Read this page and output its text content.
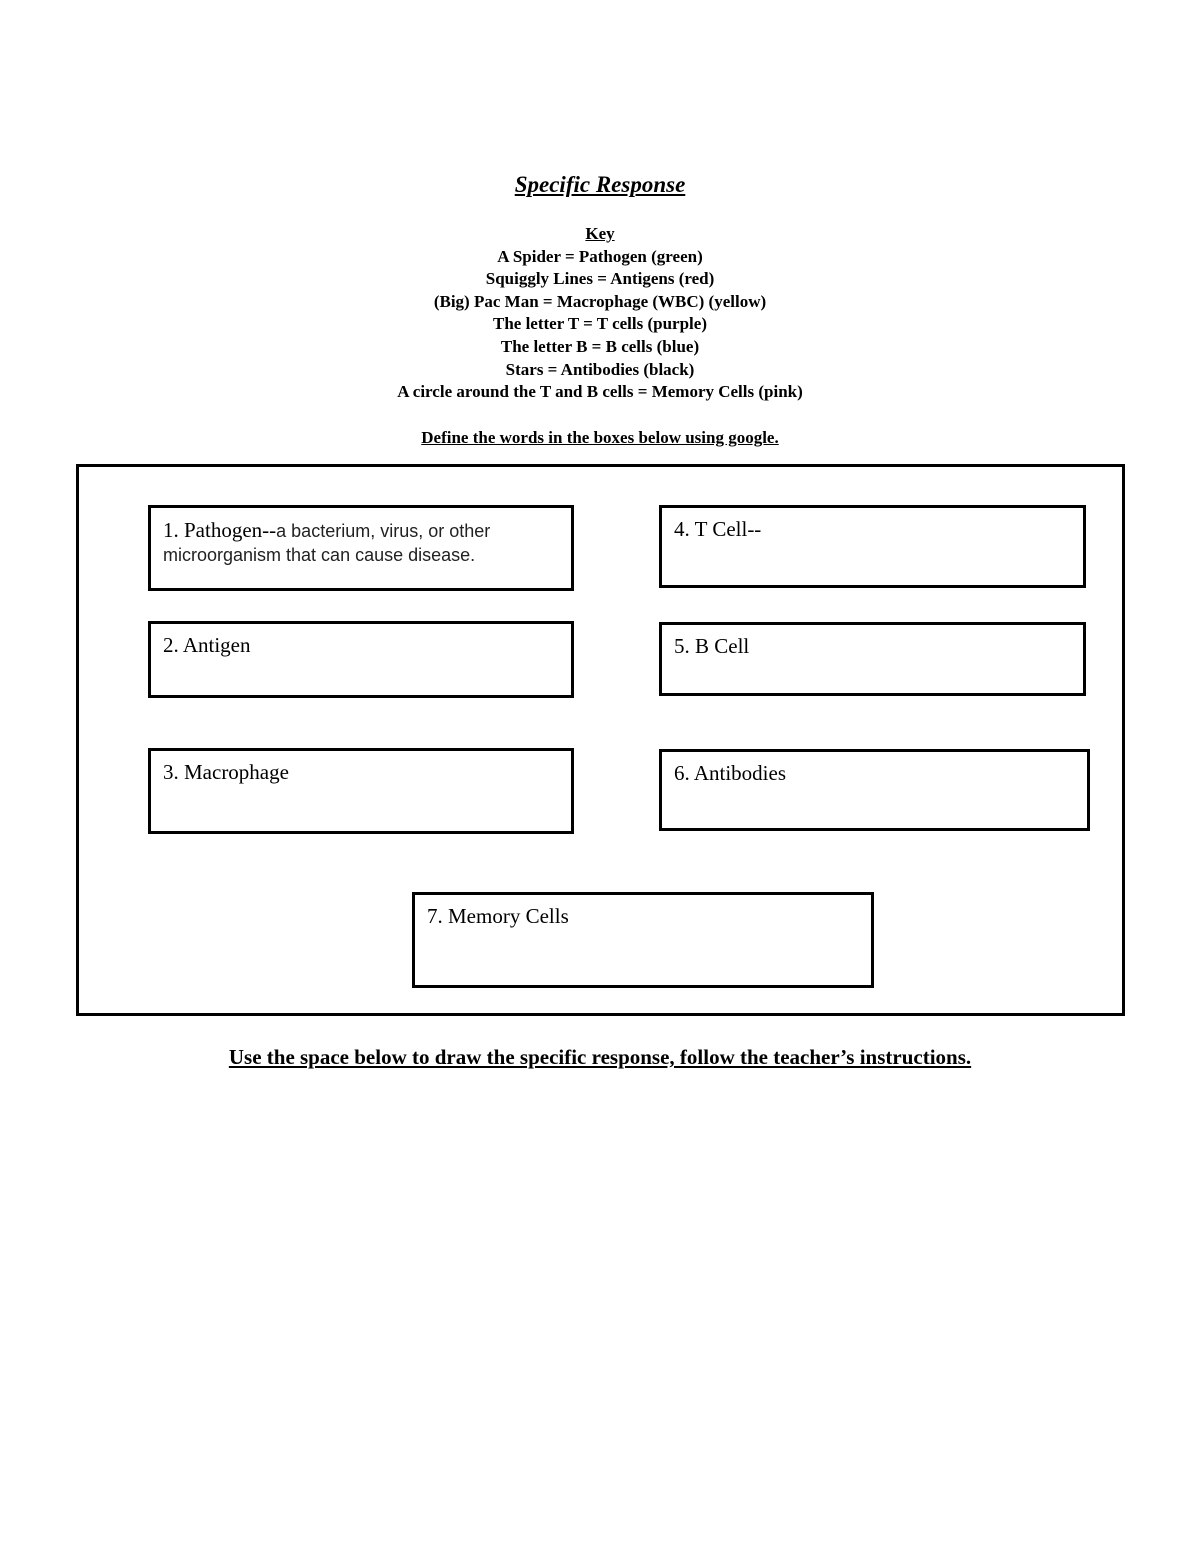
Specific Response
Key
A Spider = Pathogen (green)
Squiggly Lines = Antigens (red)
(Big) Pac Man = Macrophage (WBC) (yellow)
The letter T = T cells (purple)
The letter B = B cells (blue)
Stars = Antibodies (black)
A circle around the T and B cells = Memory Cells (pink)
Define the words in the boxes below using google.
1. Pathogen--a bacterium, virus, or other microorganism that can cause disease.
2. Antigen
3. Macrophage
4. T Cell--
5. B Cell
6. Antibodies
7. Memory Cells
Use the space below to draw the specific response, follow the teacher’s instructions.
